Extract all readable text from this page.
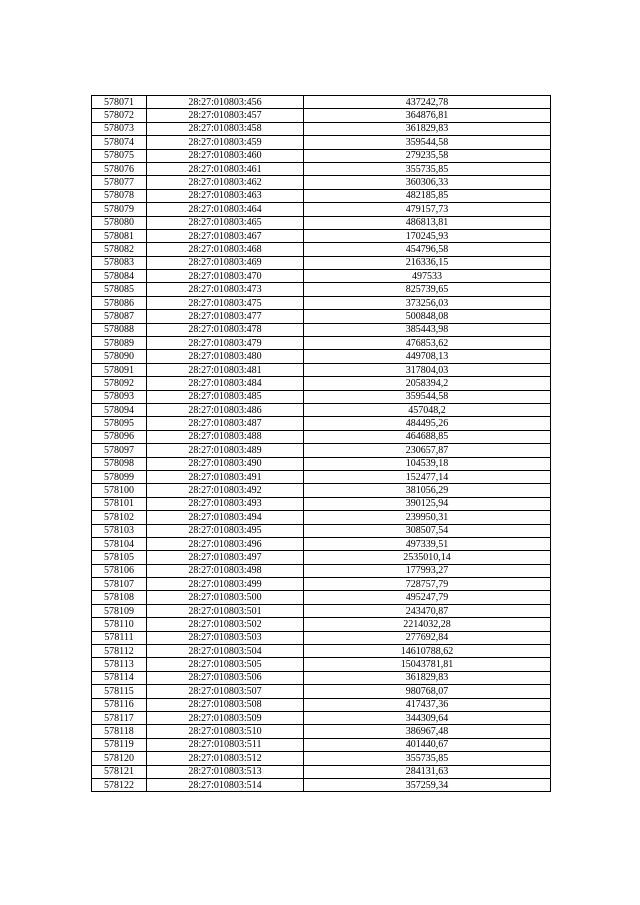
578071	28:27:010803:456	437242,78
578072	28:27:010803:457	364876,81
578073	28:27:010803:458	361829,83
578074	28:27:010803:459	359544,58
578075	28:27:010803:460	279235,58
578076	28:27:010803:461	355735,85
578077	28:27:010803:462	360306,33
578078	28:27:010803:463	482185,85
578079	28:27:010803:464	479157,73
578080	28:27:010803:465	486813,81
578081	28:27:010803:467	170245,93
578082	28:27:010803:468	454796,58
578083	28:27:010803:469	216336,15
578084	28:27:010803:470	497533
578085	28:27:010803:473	825739,65
578086	28:27:010803:475	373256,03
578087	28:27:010803:477	500848,08
578088	28:27:010803:478	385443,98
578089	28:27:010803:479	476853,62
578090	28:27:010803:480	449708,13
578091	28:27:010803:481	317804,03
578092	28:27:010803:484	2058394,2
578093	28:27:010803:485	359544,58
578094	28:27:010803:486	457048,2
578095	28:27:010803:487	484495,26
578096	28:27:010803:488	464688,85
578097	28:27:010803:489	230657,87
578098	28:27:010803:490	104539,18
578099	28:27:010803:491	152477,14
578100	28:27:010803:492	381056,29
578101	28:27:010803:493	390125,94
578102	28:27:010803:494	239950,31
578103	28:27:010803:495	308507,54
578104	28:27:010803:496	497339,51
578105	28:27:010803:497	2535010,14
578106	28:27:010803:498	177993,27
578107	28:27:010803:499	728757,79
578108	28:27:010803:500	495247,79
578109	28:27:010803:501	243470,87
578110	28:27:010803:502	2214032,28
578111	28:27:010803:503	277692,84
578112	28:27:010803:504	14610788,62
578113	28:27:010803:505	15043781,81
578114	28:27:010803:506	361829,83
578115	28:27:010803:507	980768,07
578116	28:27:010803:508	417437,36
578117	28:27:010803:509	344309,64
578118	28:27:010803:510	386967,48
578119	28:27:010803:511	401440,67
578120	28:27:010803:512	355735,85
578121	28:27:010803:513	284131,63
578122	28:27:010803:514	357259,34
